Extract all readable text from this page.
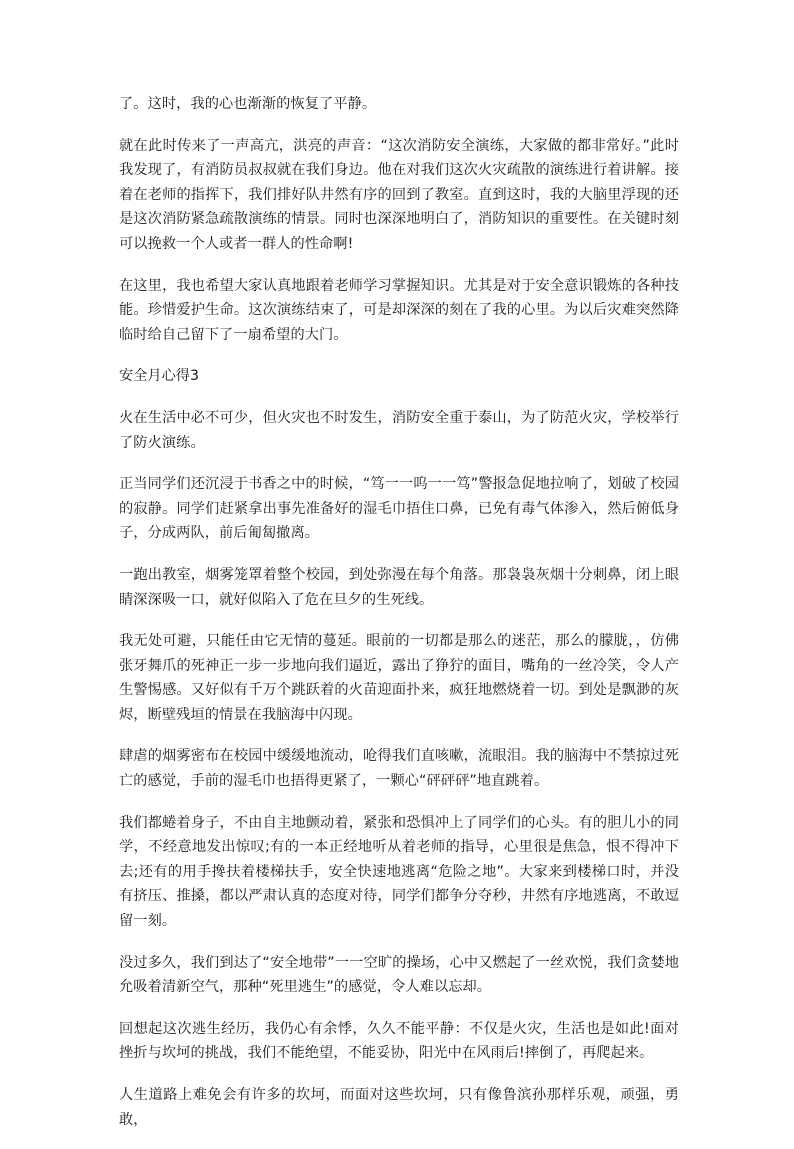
了。这时，我的心也渐渐的恢复了平静。

就在此时传来了一声高亢，洪亮的声音：“这次消防安全演练，大家做的都非常好。”此时我发现了，有消防员叔叔就在我们身边。他在对我们这次火灾疏散的演练进行着讲解。接着在老师的指挥下，我们排好队井然有序的回到了教室。直到这时，我的大脑里浮现的还是这次消防紧急疏散演练的情景。同时也深深地明白了，消防知识的重要性。在关键时刻可以挽救一个人或者一群人的性命啊!

在这里，我也希望大家认真地跟着老师学习掌握知识。尤其是对于安全意识锻炼的各种技能。珍惜爱护生命。这次演练结束了，可是却深深的刻在了我的心里。为以后灾难突然降临时给自己留下了一扇希望的大门。

安全月心得3

火在生活中必不可少，但火灾也不时发生，消防安全重于泰山，为了防范火灾，学校举行了防火演练。

正当同学们还沉浸于书香之中的时候，“笃一一呜一一笃”警报急促地拉响了，划破了校园的寂静。同学们赶紧拿出事先准备好的湿毛巾捂住口鼻，已免有毒气体渗入，然后俯低身子，分成两队，前后匍匐撤离。

一跑出教室，烟雾笼罩着整个校园，到处弥漫在每个角落。那袅袅灰烟十分刺鼻，闭上眼睛深深吸一口，就好似陷入了危在旦夕的生死线。

我无处可避，只能任由它无情的蔓延。眼前的一切都是那么的迷茫，那么的朦胧，，仿佛张牙舞爪的死神正一步一步地向我们逼近，露出了狰狞的面目，嘴角的一丝冷笑，令人产生警惕感。又好似有千万个跳跃着的火苗迎面扑来，疯狂地燃烧着一切。到处是飘渺的灰烬，断壁残垣的情景在我脑海中闪现。

肆虐的烟雾密布在校园中缓缓地流动，呛得我们直咳嗽，流眼泪。我的脑海中不禁掠过死亡的感觉，手前的湿毛巾也捂得更紧了，一颗心“砰砰砰”地直跳着。

我们都蜷着身子，不由自主地颤动着，紧张和恐惧冲上了同学们的心头。有的胆儿小的同学，不经意地发出惊叹;有的一本正经地听从着老师的指导，心里很是焦急，恨不得冲下去;还有的用手搀扶着楼梯扶手，安全快速地逃离“危险之地”。大家来到楼梯口时，并没有挤压、推搡，都以严肃认真的态度对待，同学们都争分夺秒，井然有序地逃离，不敢逗留一刻。

没过多久，我们到达了“安全地带”一一空旷的操场，心中又燃起了一丝欢悦，我们贪婪地允吸着清新空气，那种“死里逃生”的感觉，令人难以忘却。

回想起这次逃生经历，我仍心有余悸，久久不能平静：不仅是火灾，生活也是如此!面对挫折与坎坷的挑战，我们不能绝望，不能妥协，阳光中在风雨后!摔倒了，再爬起来。

人生道路上难免会有许多的坎坷，而面对这些坎坷，只有像鲁滨孙那样乐观，顽强，勇敢，
